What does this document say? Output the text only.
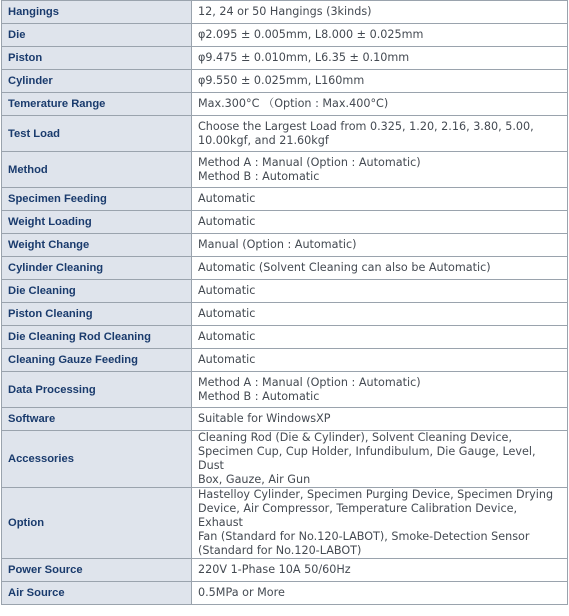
Hangings	12, 24 or 50 Hangings (3kinds)

Die	φ2.095 ± 0.005mm, L8.000 ± 0.025mm

Piston	φ9.475 ± 0.010mm, L6.35 ± 0.10mm

Cylinder	φ9.550 ± 0.025mm, L160mm

Temerature Range	Max.300°C （Option : Max.400°C)

Test Load	Choose the Largest Load from 0.325, 1.20, 2.16, 3.80, 5.00,
10.00kgf, and 21.60kgf

Method	Method A : Manual (Option : Automatic)
Method B : Automatic

Specimen Feeding	Automatic

Weight Loading	Automatic

Weight Change	Manual (Option : Automatic)

Cylinder Cleaning	Automatic (Solvent Cleaning can also be Automatic)

Die Cleaning	Automatic

Piston Cleaning	Automatic

Die Cleaning Rod Cleaning	Automatic

Cleaning Gauze Feeding	Automatic

Data Processing	Method A : Manual (Option : Automatic)
Method B : Automatic

Software	Suitable for WindowsXP

Accessories	Cleaning Rod (Die & Cylinder), Solvent Cleaning Device,
Specimen Cup, Cup Holder, Infundibulum, Die Gauge, Level, Dust
Box, Gauze, Air Gun

Option	Hastelloy Cylinder, Specimen Purging Device, Specimen Drying
Device, Air Compressor, Temperature Calibration Device, Exhaust
Fan (Standard for No.120-LABOT), Smoke-Detection Sensor
(Standard for No.120-LABOT)

Power Source	220V 1-Phase 10A 50/60Hz

Air Source	0.5MPa or More
